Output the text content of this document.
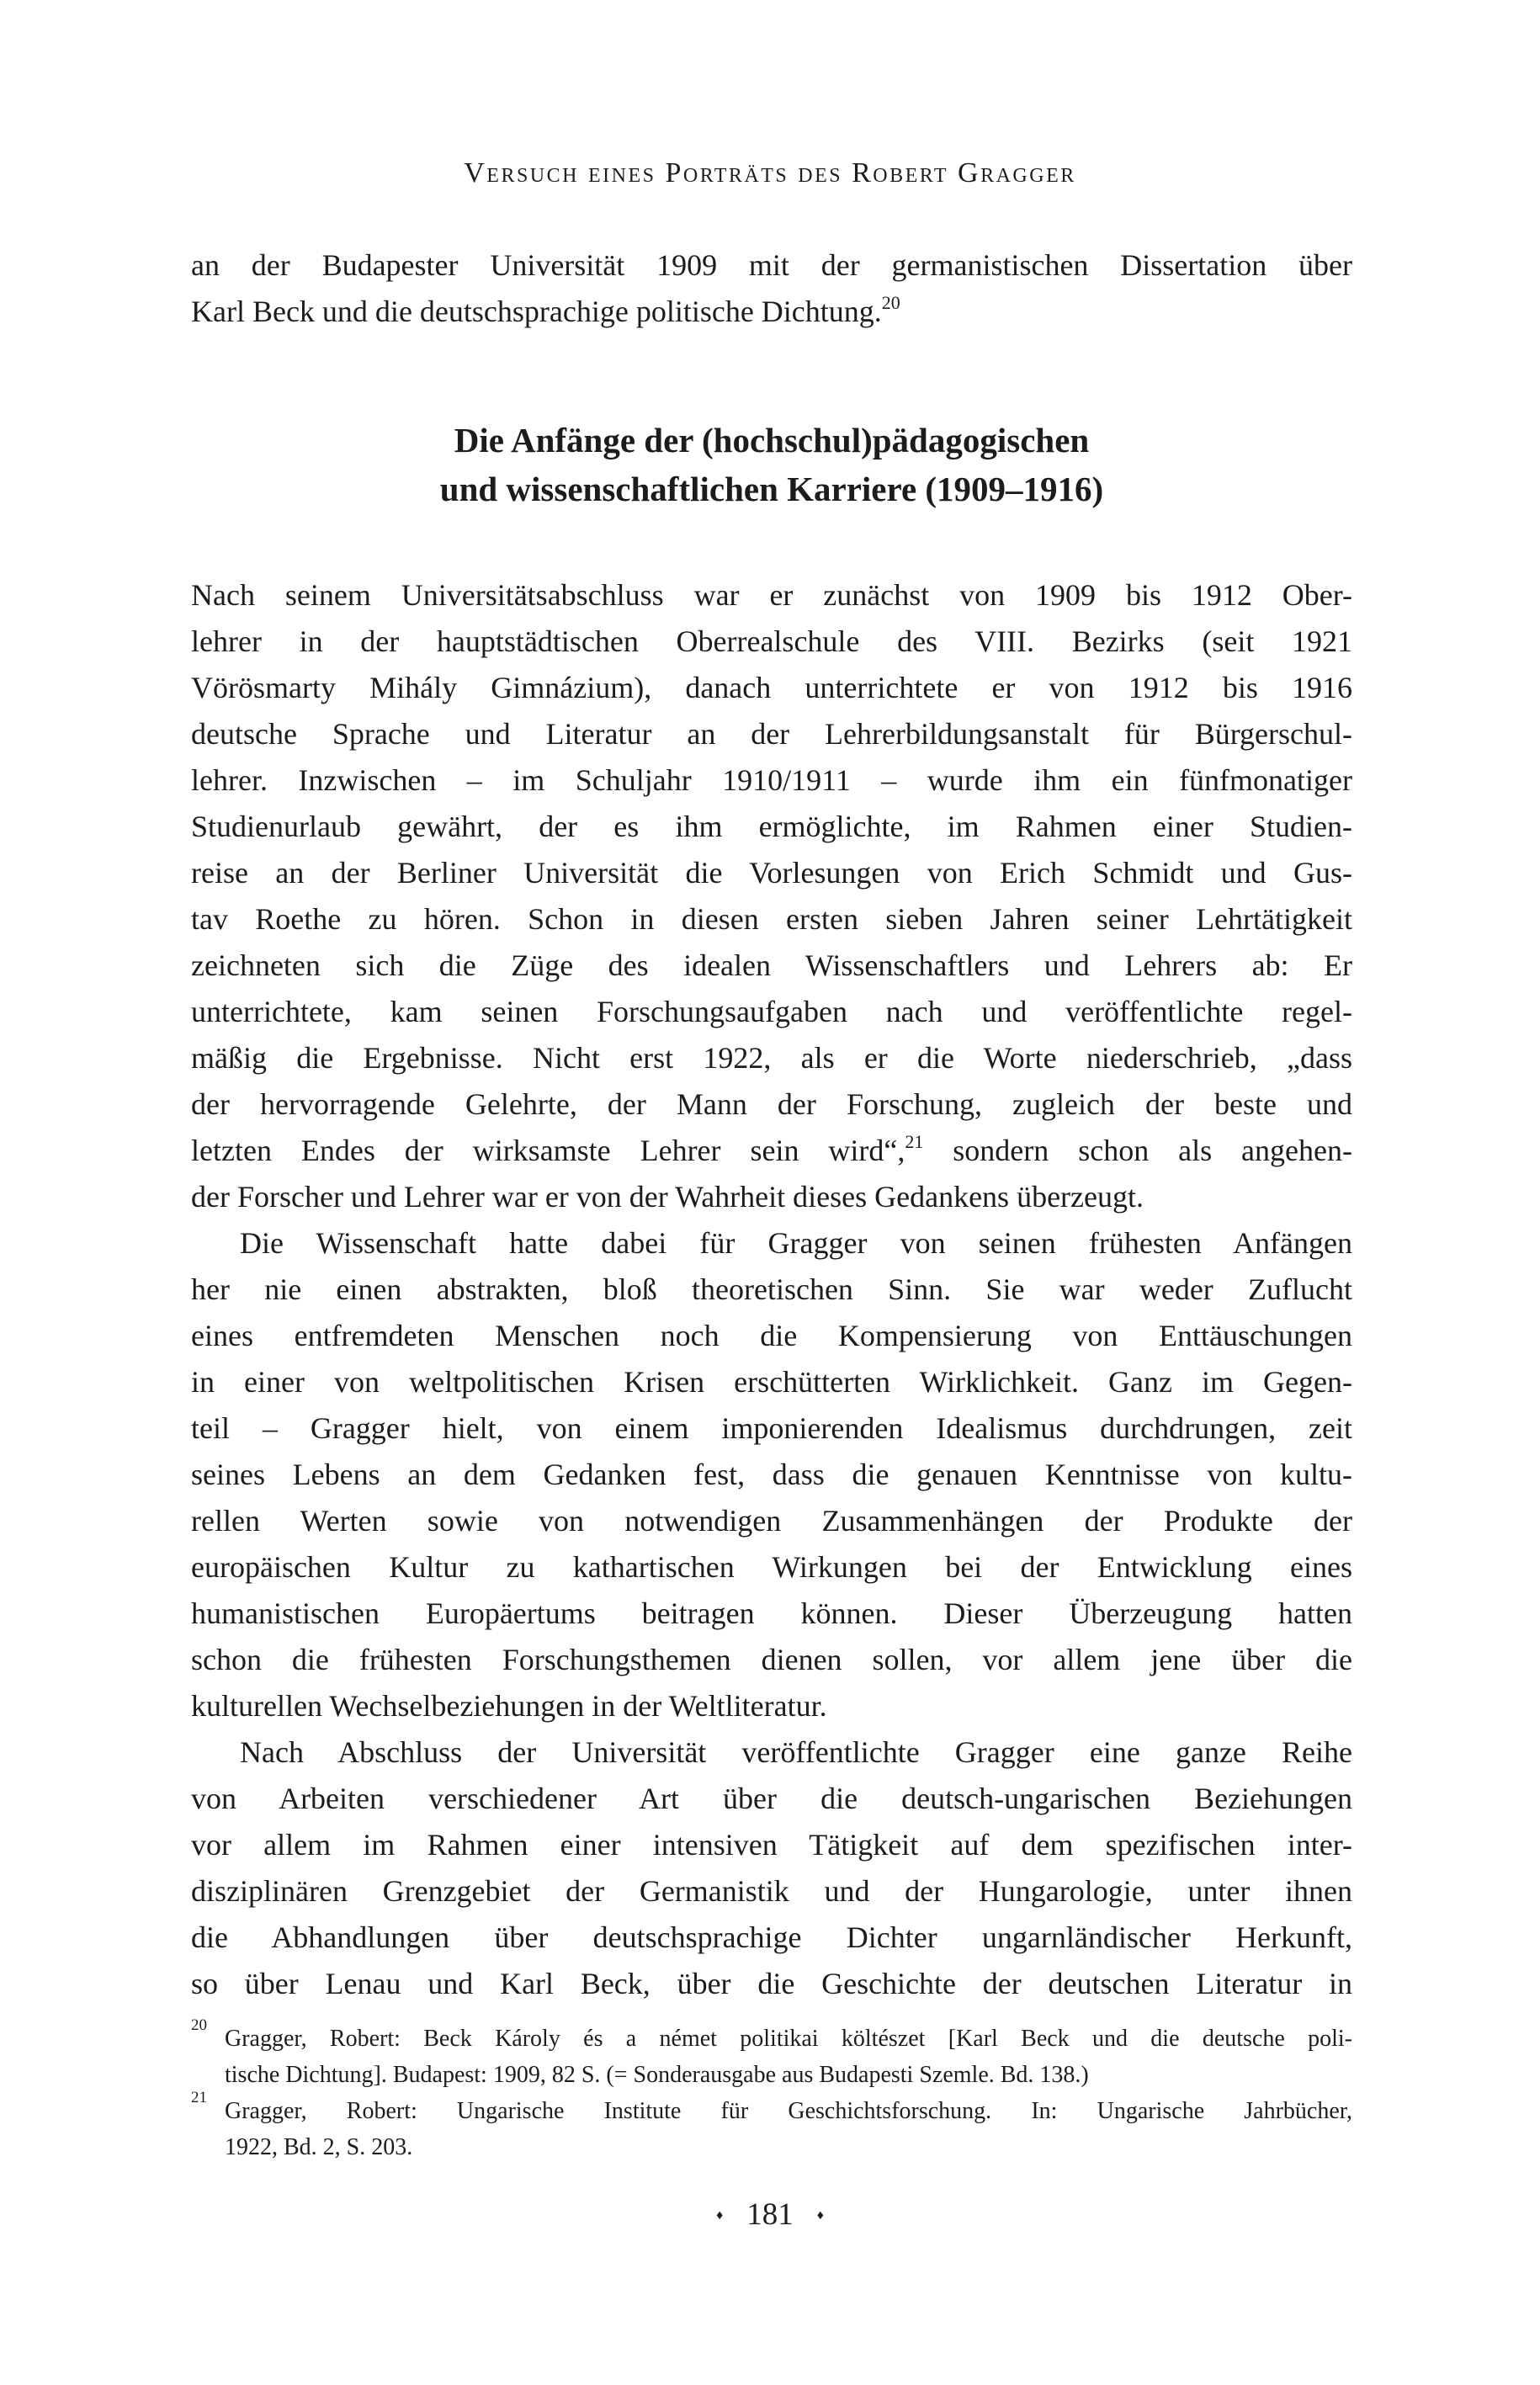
Versuch eines Porträts des Robert Gragger
an der Budapester Universität 1909 mit der germanistischen Dissertation über
Karl Beck und die deutschsprachige politische Dichtung.$^{20}$
Die Anfänge der (hochschul)pädagogischen
und wissenschaftlichen Karriere (1909–1916)
Nach seinem Universitätsabschluss war er zunächst von 1909 bis 1912 Ober-
lehrer in der hauptstädtischen Oberrealschule des VIII. Bezirks (seit 1921
Vörösmarty Mihály Gimnázium), danach unterrichtete er von 1912 bis 1916
deutsche Sprache und Literatur an der Lehrerbildungsanstalt für Bürgerschul-
lehrer. Inzwischen – im Schuljahr 1910/1911 – wurde ihm ein fünfmonatiger
Studienurlaub gewährt, der es ihm ermöglichte, im Rahmen einer Studien-
reise an der Berliner Universität die Vorlesungen von Erich Schmidt und Gus-
tav Roethe zu hören. Schon in diesen ersten sieben Jahren seiner Lehrtätigkeit
zeichneten sich die Züge des idealen Wissenschaftlers und Lehrers ab: Er
unterrichtete, kam seinen Forschungsaufgaben nach und veröffentlichte regel-
mäßig die Ergebnisse. Nicht erst 1922, als er die Worte niederschrieb, „dass
der hervorragende Gelehrte, der Mann der Forschung, zugleich der beste und
letzten Endes der wirksamste Lehrer sein wird“,$^{21}$ sondern schon als angehen-
der Forscher und Lehrer war er von der Wahrheit dieses Gedankens überzeugt.
Die Wissenschaft hatte dabei für Gragger von seinen frühesten Anfängen
her nie einen abstrakten, bloß theoretischen Sinn. Sie war weder Zuflucht
eines entfremdeten Menschen noch die Kompensierung von Enttäuschungen
in einer von weltpolitischen Krisen erschütterten Wirklichkeit. Ganz im Gegen-
teil – Gragger hielt, von einem imponierenden Idealismus durchdrungen, zeit
seines Lebens an dem Gedanken fest, dass die genauen Kenntnisse von kultu-
rellen Werten sowie von notwendigen Zusammenhängen der Produkte der
europäischen Kultur zu kathartischen Wirkungen bei der Entwicklung eines
humanistischen Europäertums beitragen können. Dieser Überzeugung hatten
schon die frühesten Forschungsthemen dienen sollen, vor allem jene über die
kulturellen Wechselbeziehungen in der Weltliteratur.
Nach Abschluss der Universität veröffentlichte Gragger eine ganze Reihe
von Arbeiten verschiedener Art über die deutsch-ungarischen Beziehungen
vor allem im Rahmen einer intensiven Tätigkeit auf dem spezifischen inter-
disziplinären Grenzgebiet der Germanistik und der Hungarologie, unter ihnen
die Abhandlungen über deutschsprachige Dichter ungarnländischer Herkunft,
so über Lenau und Karl Beck, über die Geschichte der deutschen Literatur in
20
Gragger, Robert: Beck Károly és a német politikai költészet [Karl Beck und die deutsche poli-
tische Dichtung]. Budapest: 1909, 82 S. (= Sonderausgabe aus Budapesti Szemle. Bd. 138.)
21
Gragger, Robert: Ungarische Institute für Geschichtsforschung. In: Ungarische Jahrbücher,
1922, Bd. 2, S. 203.
♦ 181 ♦
